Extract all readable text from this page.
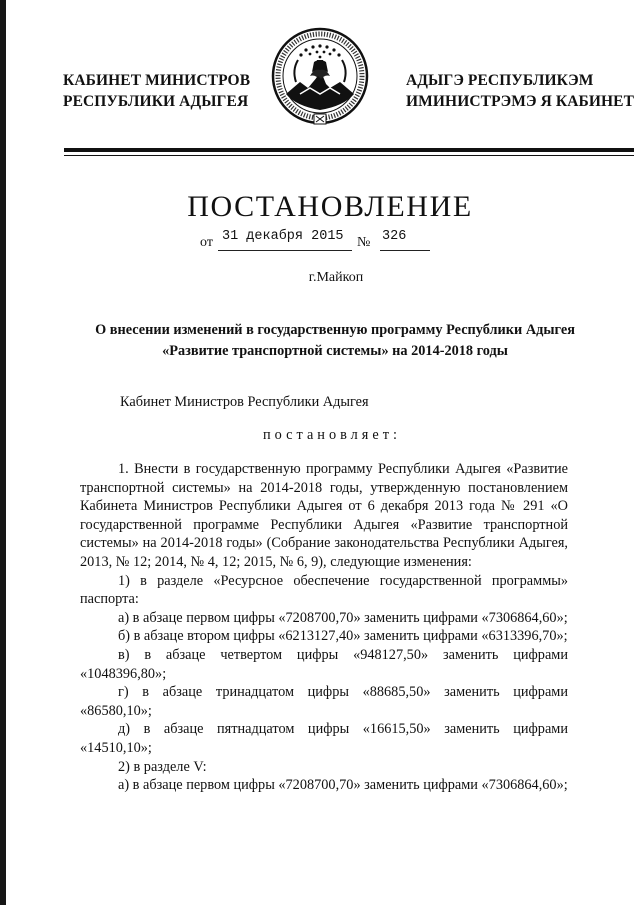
КАБИНЕТ МИНИСТРОВ
РЕСПУБЛИКИ АДЫГЕЯ
АДЫГЭ РЕСПУБЛИКЭМ
ИМИНИСТРЭМЭ Я КАБИНЕТ
ПОСТАНОВЛЕНИЕ
от 31 декабря 2015 № 326
г.Майкоп
О внесении изменений в государственную программу Республики Адыгея
«Развитие транспортной системы» на 2014-2018 годы
Кабинет Министров Республики Адыгея
постановляет:

1. Внести в государственную программу Республики Адыгея «Развитие транспортной системы» на 2014-2018 годы, утвержденную постановлением Кабинета Министров Республики Адыгея от 6 декабря 2013 года № 291 «О государственной программе Республики Адыгея «Развитие транспортной системы» на 2014-2018 годы» (Собрание законодательства Республики Адыгея, 2013, № 12; 2014, № 4, 12; 2015, № 6, 9), следующие изменения:

1) в разделе «Ресурсное обеспечение государственной программы» паспорта:

а) в абзаце первом цифры «7208700,70» заменить цифрами «7306864,60»;

б) в абзаце втором цифры «6213127,40» заменить цифрами «6313396,70»;

в) в абзаце четвертом цифры «948127,50» заменить цифрами «1048396,80»;

г) в абзаце тринадцатом цифры «88685,50» заменить цифрами «86580,10»;

д) в абзаце пятнадцатом цифры «16615,50» заменить цифрами «14510,10»;

2) в разделе V:

а) в абзаце первом цифры «7208700,70» заменить цифрами «7306864,60»;
